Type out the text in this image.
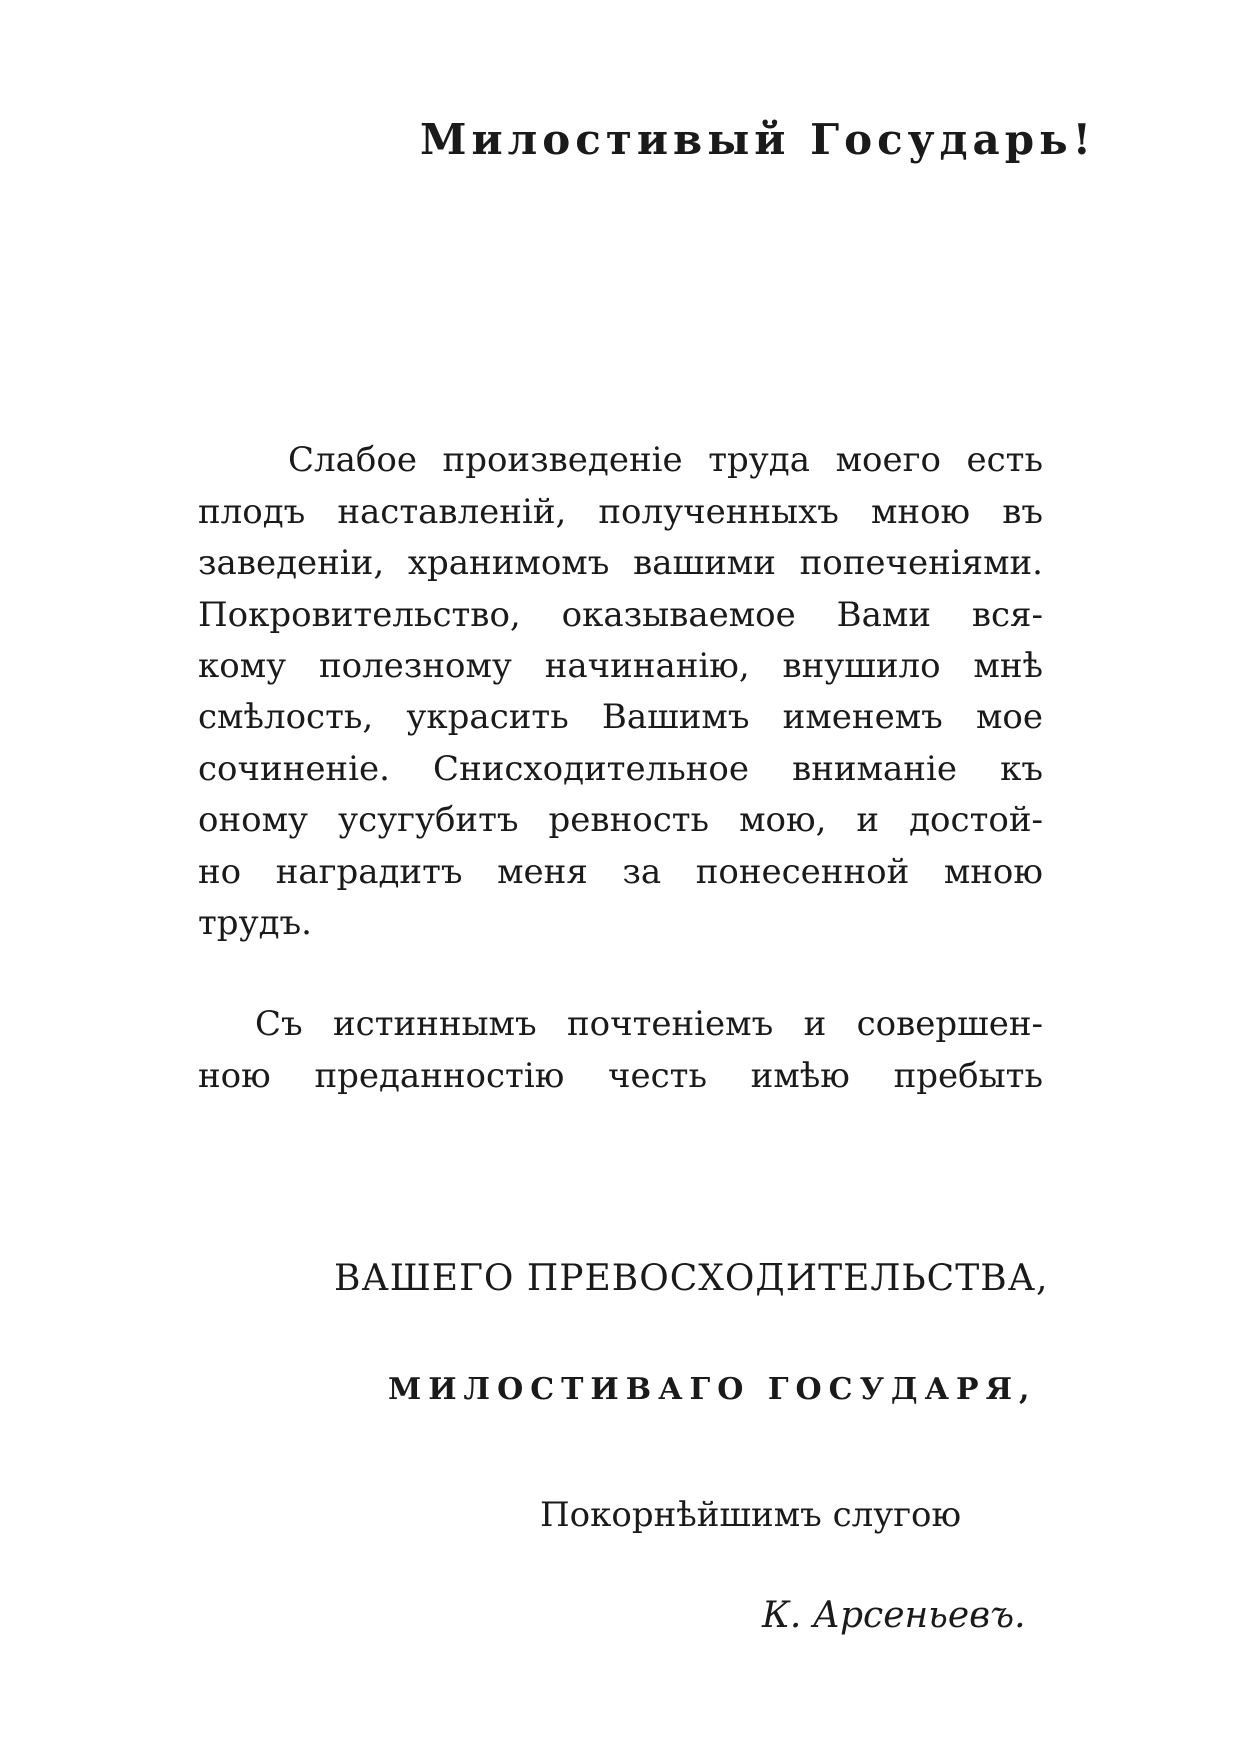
Милостивый Государь!
Слабое произведеніе труда моего есть
плодъ наставленій, полученныхъ мною въ
заведеніи, хранимомъ вашими попеченіями.
Покровительство, оказываемое Вами вся-
кому полезному начинанію, внушило мнѣ
смѣлость, украсить Вашимъ именемъ мое
сочиненіе. Снисходительное вниманіе къ
оному усугубитъ ревность мою, и достой-
но наградитъ меня за понесенной мною
трудъ.
Съ истиннымъ почтеніемъ и совершен-
ною преданностію честь имѣю пребыть
ВАШЕГО ПРЕВОСХОДИТЕЛЬСТВА,
МИЛОСТИВАГО ГОСУДАРЯ,
Покорнѣйшимъ слугою
К. Арсеньевъ.
